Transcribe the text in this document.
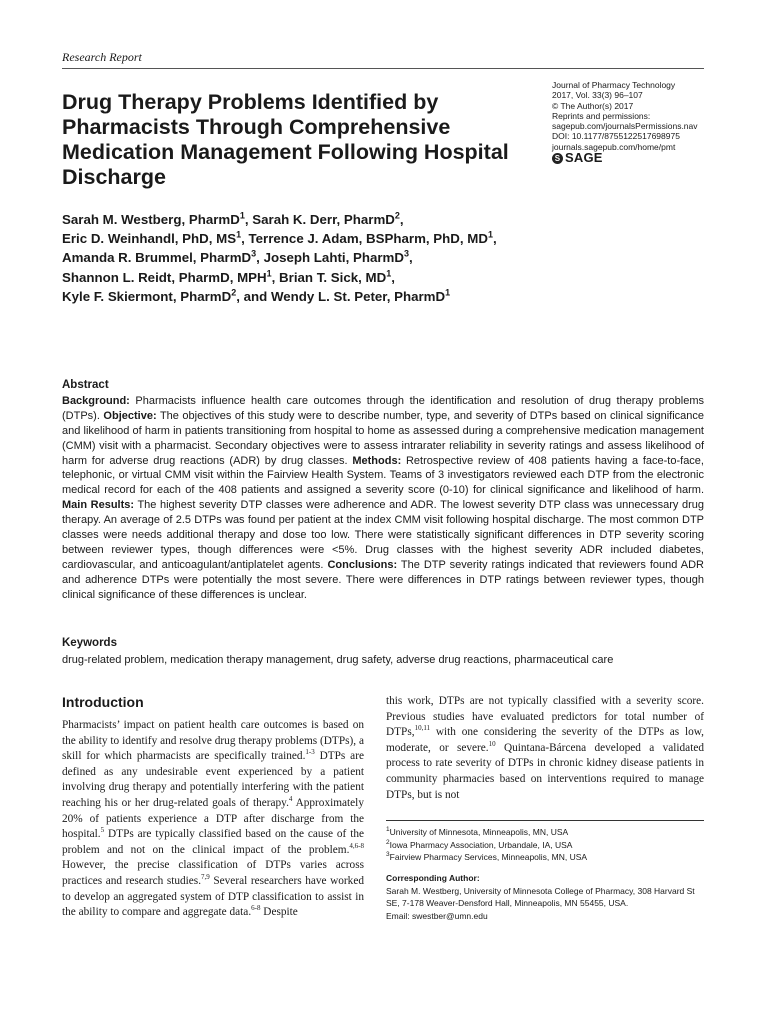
Research Report
Drug Therapy Problems Identified by Pharmacists Through Comprehensive Medication Management Following Hospital Discharge
Journal of Pharmacy Technology
2017, Vol. 33(3) 96–107
© The Author(s) 2017
Reprints and permissions:
sagepub.com/journalsPermissions.nav
DOI: 10.1177/8755122517698975
journals.sagepub.com/home/pmt
S SAGE
Sarah M. Westberg, PharmD$^1$, Sarah K. Derr, PharmD$^2$,
Eric D. Weinhandl, PhD, $MS^1$, Terrence J. Adam, BSPharm, PhD, $MD^1$,
Amanda R. Brummel, PharmD$^3$, Joseph Lahti, PharmD$^3$,
Shannon L. Reidt, PharmD, MPH$^1$, Brian T. Sick, $MD^1$,
Kyle F. Skiermont, PharmD$^2$, and Wendy L. St. Peter, PharmD$^1$
Abstract
Background: Pharmacists influence health care outcomes through the identification and resolution of drug therapy problems (DTPs). Objective: The objectives of this study were to describe number, type, and severity of DTPs based on clinical significance and likelihood of harm in patients transitioning from hospital to home as assessed during a comprehensive medication management (CMM) visit with a pharmacist. Secondary objectives were to assess intrarater reliability in severity ratings and assess likelihood of harm for adverse drug reactions (ADR) by drug classes. Methods: Retrospective review of 408 patients having a face-to-face, telephonic, or virtual CMM visit within the Fairview Health System. Teams of 3 investigators reviewed each DTP from the electronic medical record for each of the 408 patients and assigned a severity score (0-10) for clinical significance and likelihood of harm. Main Results: The highest severity DTP classes were adherence and ADR. The lowest severity DTP class was unnecessary drug therapy. An average of 2.5 DTPs was found per patient at the index CMM visit following hospital discharge. The most common DTP classes were needs additional therapy and dose too low. There were statistically significant differences in DTP severity scoring between reviewer types, though differences were <5%. Drug classes with the highest severity ADR included diabetes, cardiovascular, and anticoagulant/antiplatelet agents. Conclusions: The DTP severity ratings indicated that reviewers found ADR and adherence DTPs were potentially the most severe. There were differences in DTP ratings between reviewer types, though clinical significance of these differences is unclear.
Keywords
drug-related problem, medication therapy management, drug safety, adverse drug reactions, pharmaceutical care
Introduction
Pharmacists’ impact on patient health care outcomes is based on the ability to identify and resolve drug therapy problems (DTPs), a skill for which pharmacists are specifically trained.$^{1-3}$ DTPs are defined as any undesirable event experienced by a patient involving drug therapy and potentially interfering with the patient reaching his or her drug-related goals of therapy.$^4$ Approximately 20% of patients experience a DTP after discharge from the hospital.$^5$ DTPs are typically classified based on the cause of the problem and not on the clinical impact of the problem.$^{4,6-8}$ However, the precise classification of DTPs varies across practices and research studies.$^{7,9}$ Several researchers have worked to develop an aggregated system of DTP classification to assist in the ability to compare and aggregate data.$^{6-8}$ Despite
this work, DTPs are not typically classified with a severity score. Previous studies have evaluated predictors for total number of DTPs,$^{10,11}$ with one considering the severity of the DTPs as low, moderate, or severe.$^{10}$ Quintana-Bárcena developed a validated process to rate severity of DTPs in chronic kidney disease patients in community pharmacies based on interventions required to manage DTPs, but is not
$^1$University of Minnesota, Minneapolis, MN, USA
$^2$Iowa Pharmacy Association, Urbandale, IA, USA
$^3$Fairview Pharmacy Services, Minneapolis, MN, USA
Corresponding Author:
Sarah M. Westberg, University of Minnesota College of Pharmacy, 308 Harvard St SE, 7-178 Weaver-Densford Hall, Minneapolis, MN 55455, USA.
Email: swestber@umn.edu
